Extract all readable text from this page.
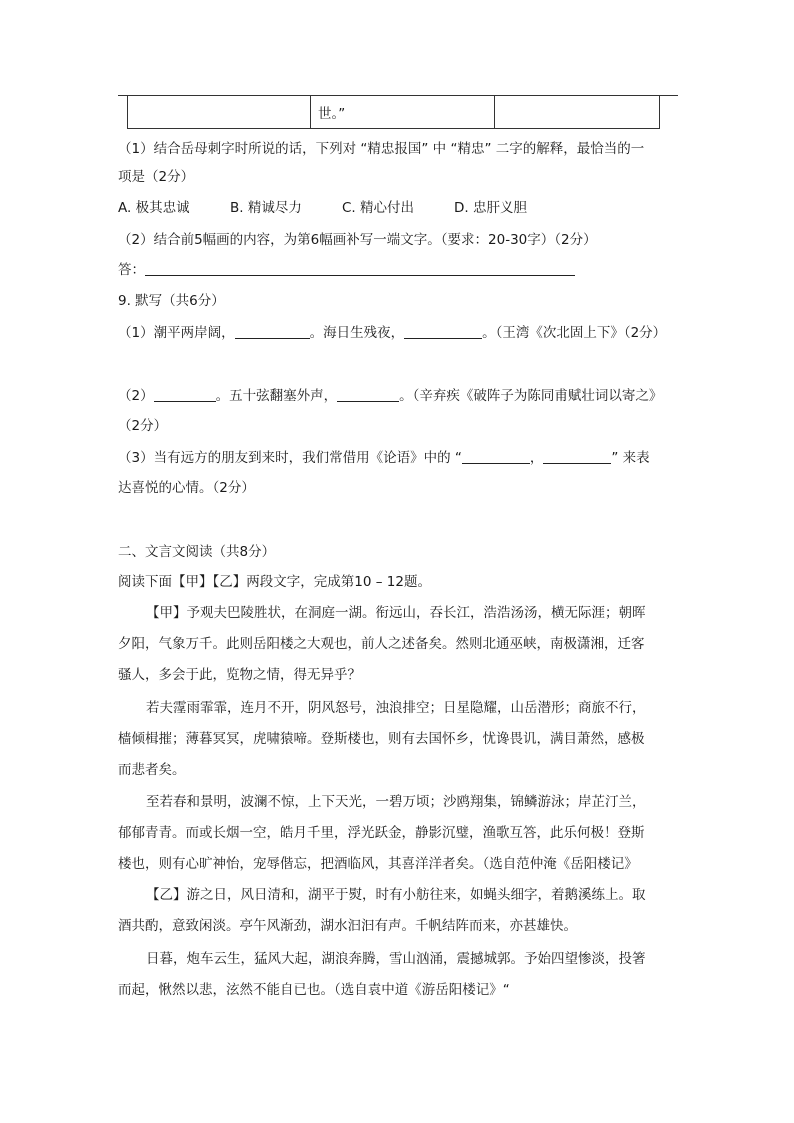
	世。”	
（1）结合岳母刺字时所说的话，下列对 “精忠报国” 中 “精忠” 二字的解释，最恰当的一
项是（2分）
A. 极其忠诚	B. 精诚尽力	C. 精心付出	D. 忠肝义胆
（2）结合前5幅画的内容，为第6幅画补写一端文字。（要求：20-30字）（2分）
答：
9. 默写（共6分）
（1）潮平两岸阔，	。海日生残夜，	。（王湾《次北固上下》（2分）
（2）	。五十弦翻塞外声，	。（辛弃疾《破阵子为陈同甫赋壮词以寄之》
（2分）
（3）当有远方的朋友到来时，我们常借用《论语》中的 “	，	” 来表
达喜悦的心情。（2分）
二、文言文阅读（共8分）
阅读下面【甲】【乙】两段文字，完成第10 – 12题。
【甲】予观夫巴陵胜状，在洞庭一湖。衔远山，吞长江，浩浩汤汤，横无际涯；朝晖
夕阳，气象万千。此则岳阳楼之大观也，前人之述备矣。然则北通巫峡，南极潇湘，迁客
骚人，多会于此，览物之情，得无异乎？
若夫霪雨霏霏，连月不开，阴风怒号，浊浪排空；日星隐耀，山岳潜形；商旅不行，
樯倾楫摧；薄暮冥冥，虎啸猿啼。登斯楼也，则有去国怀乡，忧谗畏讥，满目萧然，感极
而悲者矣。
至若春和景明，波澜不惊，上下天光，一碧万顷；沙鸥翔集，锦鳞游泳；岸芷汀兰，
郁郁青青。而或长烟一空，皓月千里，浮光跃金，静影沉璧，渔歌互答，此乐何极！登斯
楼也，则有心旷神怡，宠辱偕忘，把酒临风，其喜洋洋者矣。（选自范仲淹《岳阳楼记》
【乙】游之日，风日清和，湖平于熨，时有小舫往来，如蝇头细字，着鹅溪练上。取
酒共酌，意致闲淡。亭午风渐劲，湖水汩汩有声。千帆结阵而来，亦甚雄快。
日暮，炮车云生，猛风大起，湖浪奔腾，雪山汹涌，震撼城郭。予始四望惨淡，投箸
而起，愀然以悲，泫然不能自已也。（选自袁中道《游岳阳楼记》“
